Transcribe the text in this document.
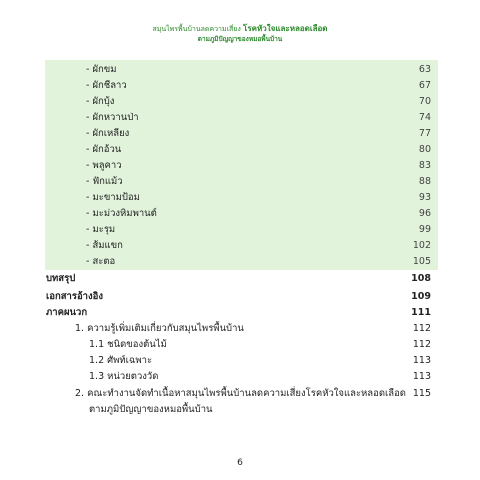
สมุนไพรพื้นบ้านลดความเสี่ยง โรคหัวใจและหลอดเลือด
ตามภูมิปัญญาของหมอพื้นบ้าน
- ผักขม	63
- ผักชีลาว	67
- ผักบุ้ง	70
- ผักหวานป่า	74
- ผักเหลียง	77
- ผักอ้วน	80
- พลูคาว	83
- ฟักแม้ว	88
- มะขามป้อม	93
- มะม่วงหิมพานต์	96
- มะรุม	99
- ส้มแขก	102
- สะตอ	105
บทสรุป	108
เอกสารอ้างอิง	109
ภาคผนวก	111
1. ความรู้เพิ่มเติมเกี่ยวกับสมุนไพรพื้นบ้าน	112
1.1 ชนิดของต้นไม้	112
1.2 ศัพท์เฉพาะ	113
1.3 หน่วยตวงวัด	113
2. คณะทำงานจัดทำเนื้อหาสมุนไพรพื้นบ้านลดความเสี่ยงโรคหัวใจและหลอดเลือด 115
ตามภูมิปัญญาของหมอพื้นบ้าน
6
